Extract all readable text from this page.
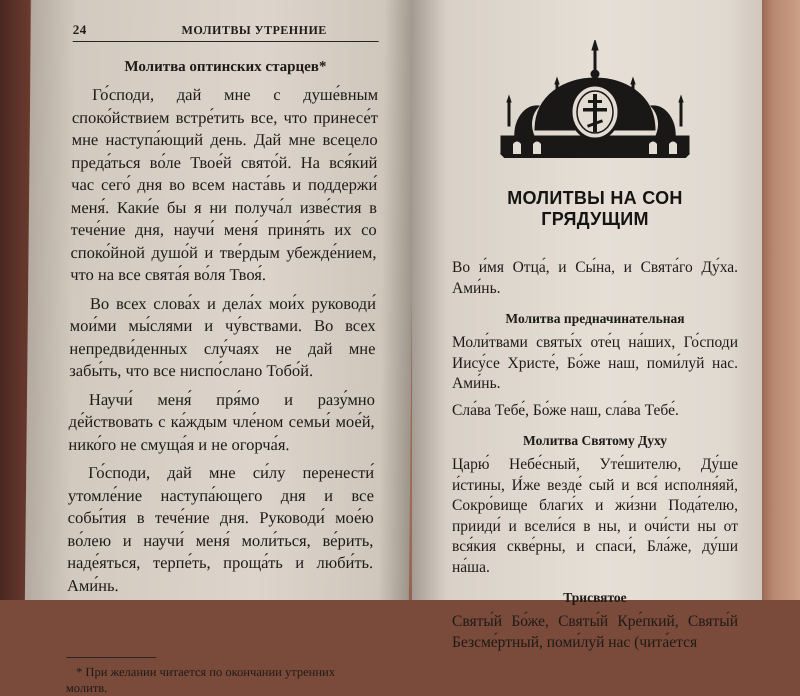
24	МОЛИТВЫ УТРЕННИЕ
Молитва оптинских старцев*

Го́споди, дай мне с душе́вным споко́йствием встре́тить все, что принесе́т мне наступа́ющий день. Дай мне всецело преда́ться во́ле Твое́й свято́й. На вся́кий час сего́ дня во всем наста́вь и поддержи́ меня́. Каки́е бы я ни получа́л изве́стия в тече́ние дня, научи́ меня́ приня́ть их со споко́йной душо́й и тве́рдым убежде́нием, что на все свята́я во́ля Твоя́.

Во всех слова́х и дела́х мои́х руководи́ мои́ми мы́слями и чу́вствами. Во всех непредви́денных слу́чаях не дай мне забы́ть, что все ниспо́слано Тобо́й.

Научи́ меня́ пря́мо и разу́мно де́йствовать с ка́ждым чле́ном семьи́ мое́й, нико́го не смуща́я и не огорча́я.

Го́споди, дай мне си́лу перенести́ утомле́ние наступа́ющего дня и все собы́тия в тече́ние дня. Руководи́ мое́ю во́лею и научи́ меня́ моли́ться, ве́рить, наде́яться, терпе́ть, проща́ть и люби́ть. Ами́нь.

* При желании читается по окончании утренних молитв.
МОЛИТВЫ НА СОН ГРЯДУЩИМ

Во и́мя Отца́, и Сы́на, и Свята́го Ду́ха. Ами́нь.

Молитва предначинательная

Моли́твами святы́х оте́ц на́ших, Го́споди Иису́се Христе́, Бо́же наш, поми́луй нас. Ами́нь.

Сла́ва Тебе́, Бо́же наш, сла́ва Тебе́.

Молитва Святому Духу

Царю́ Небе́сный, Уте́шителю, Ду́ше и́стины, И́же везде́ сый и вся́ исполня́яй, Сокро́вище благи́х и жи́зни Пода́телю, прииди́ и всели́ся в ны, и очи́сти ны от вся́кия скве́рны, и спаси́, Бла́же, ду́ши на́ша.

Трисвятое

Святы́й Бо́же, Святы́й Кре́пкий, Святы́й Безсме́ртный, поми́луй нас (чита́ется
